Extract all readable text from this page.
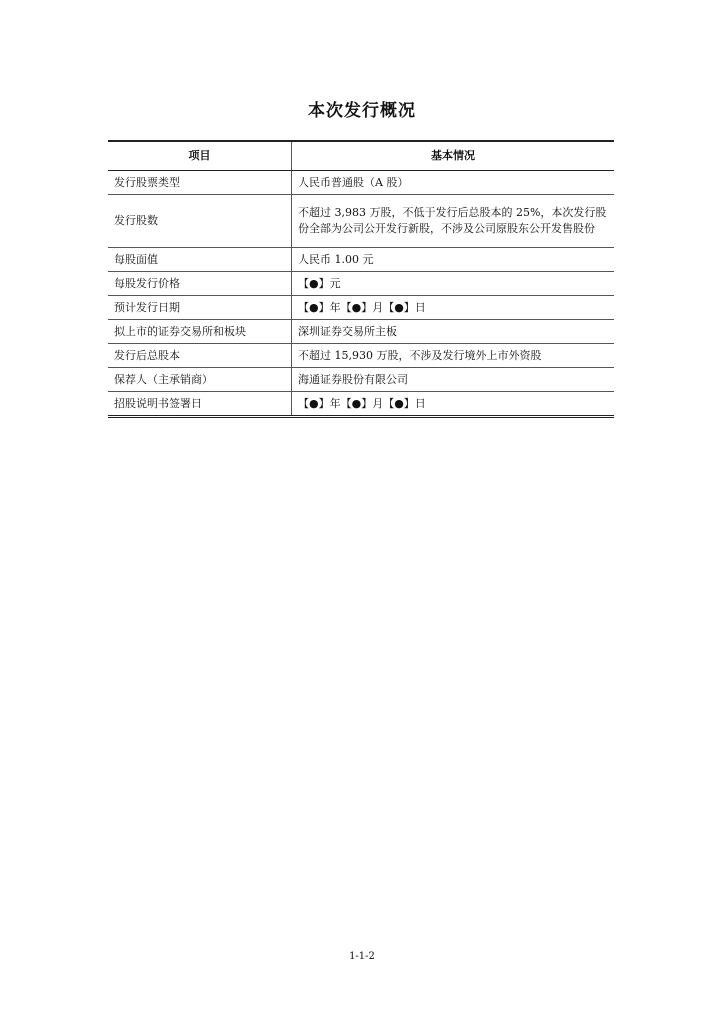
本次发行概况
项目	基本情况
发行股票类型	人民币普通股（A 股）
发行股数	不超过 3,983 万股，不低于发行后总股本的 25%，本次发行股份全部为公司公开发行新股，不涉及公司原股东公开发售股份
每股面值	人民币 1.00 元
每股发行价格	【●】元
预计发行日期	【●】年【●】月【●】日
拟上市的证券交易所和板块	深圳证券交易所主板
发行后总股本	不超过 15,930 万股，不涉及发行境外上市外资股
保荐人（主承销商）	海通证券股份有限公司
招股说明书签署日	【●】年【●】月【●】日
1-1-2
